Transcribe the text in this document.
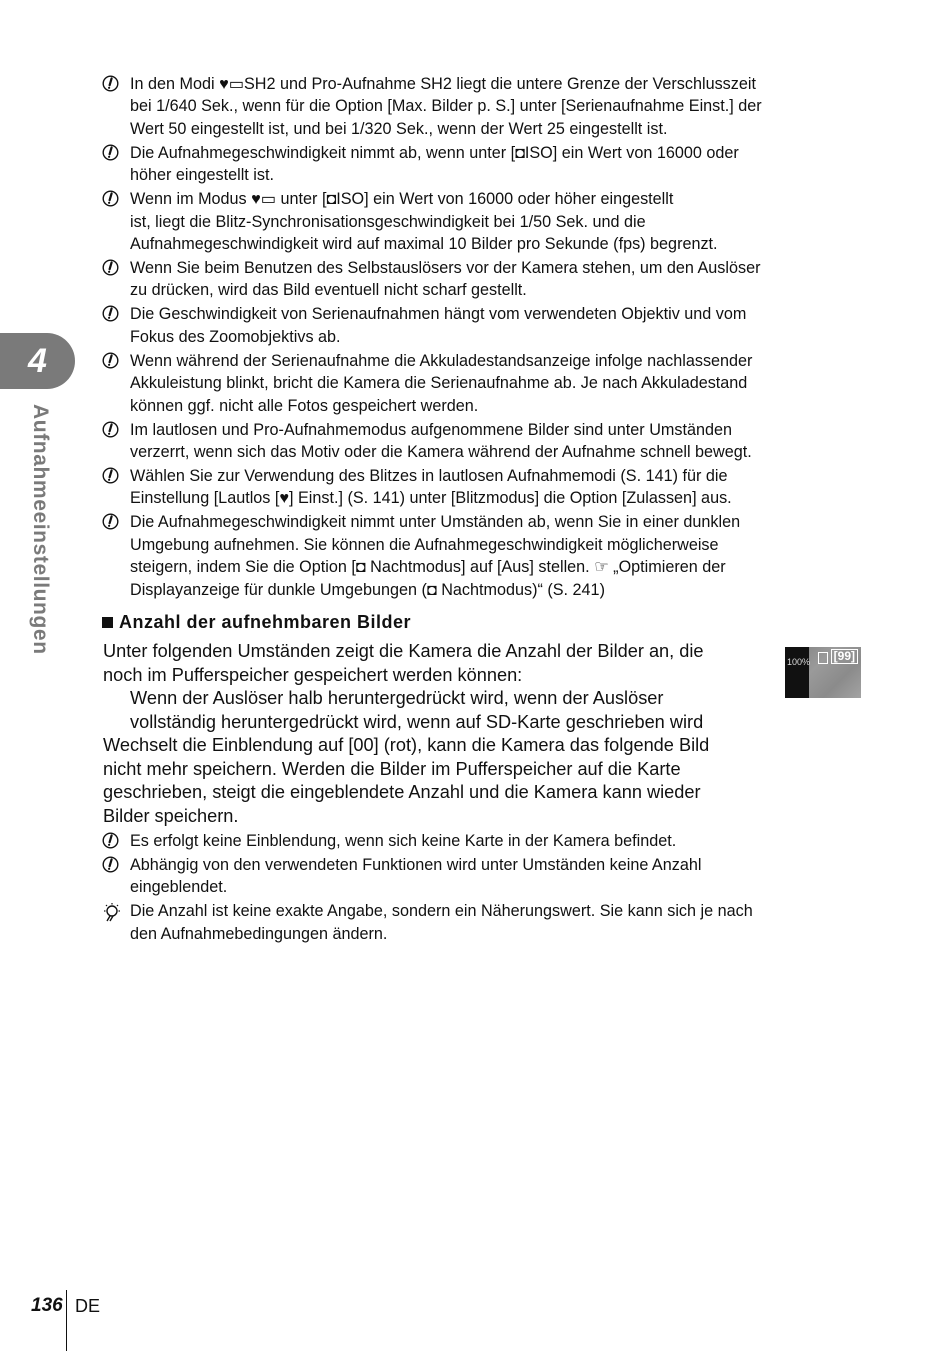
4
Aufnahmeeinstellungen
In den Modi ♥▭SH2 und Pro-Aufnahme SH2 liegt die untere Grenze der Verschlusszeit
bei 1/640 Sek., wenn für die Option [Max. Bilder p. S.] unter [Serienaufnahme Einst.] der
Wert 50 eingestellt ist, und bei 1/320 Sek., wenn der Wert 25 eingestellt ist.
Die Aufnahmegeschwindigkeit nimmt ab, wenn unter [◘ISO] ein Wert von 16000 oder
höher eingestellt ist.
Wenn im Modus ♥▭ unter [◘ISO] ein Wert von 16000 oder höher eingestellt
ist, liegt die Blitz-Synchronisationsgeschwindigkeit bei 1/50 Sek. und die
Aufnahmegeschwindigkeit wird auf maximal 10 Bilder pro Sekunde (fps) begrenzt.
Wenn Sie beim Benutzen des Selbstauslösers vor der Kamera stehen, um den Auslöser
zu drücken, wird das Bild eventuell nicht scharf gestellt.
Die Geschwindigkeit von Serienaufnahmen hängt vom verwendeten Objektiv und vom
Fokus des Zoomobjektivs ab.
Wenn während der Serienaufnahme die Akkuladestandsanzeige infolge nachlassender
Akkuleistung blinkt, bricht die Kamera die Serienaufnahme ab. Je nach Akkuladestand
können ggf. nicht alle Fotos gespeichert werden.
Im lautlosen und Pro-Aufnahmemodus aufgenommene Bilder sind unter Umständen
verzerrt, wenn sich das Motiv oder die Kamera während der Aufnahme schnell bewegt.
Wählen Sie zur Verwendung des Blitzes in lautlosen Aufnahmemodi (S. 141) für die
Einstellung [Lautlos [♥] Einst.] (S. 141) unter [Blitzmodus] die Option [Zulassen] aus.
Die Aufnahmegeschwindigkeit nimmt unter Umständen ab, wenn Sie in einer dunklen
Umgebung aufnehmen. Sie können die Aufnahmegeschwindigkeit möglicherweise
steigern, indem Sie die Option [◘ Nachtmodus] auf [Aus] stellen. ☞ „Optimieren der
Displayanzeige für dunkle Umgebungen (◘ Nachtmodus)“ (S. 241)
Anzahl der aufnehmbaren Bilder
Unter folgenden Umständen zeigt die Kamera die Anzahl der Bilder an, die
noch im Pufferspeicher gespeichert werden können:
Wenn der Auslöser halb heruntergedrückt wird, wenn der Auslöser
vollständig heruntergedrückt wird, wenn auf SD-Karte geschrieben wird
Wechselt die Einblendung auf [00] (rot), kann die Kamera das folgende Bild
nicht mehr speichern. Werden die Bilder im Pufferspeicher auf die Karte
geschrieben, steigt die eingeblendete Anzahl und die Kamera kann wieder
Bilder speichern.
100% [99]
Es erfolgt keine Einblendung, wenn sich keine Karte in der Kamera befindet.
Abhängig von den verwendeten Funktionen wird unter Umständen keine Anzahl
eingeblendet.
Die Anzahl ist keine exakte Angabe, sondern ein Näherungswert. Sie kann sich je nach
den Aufnahmebedingungen ändern.
136 DE
